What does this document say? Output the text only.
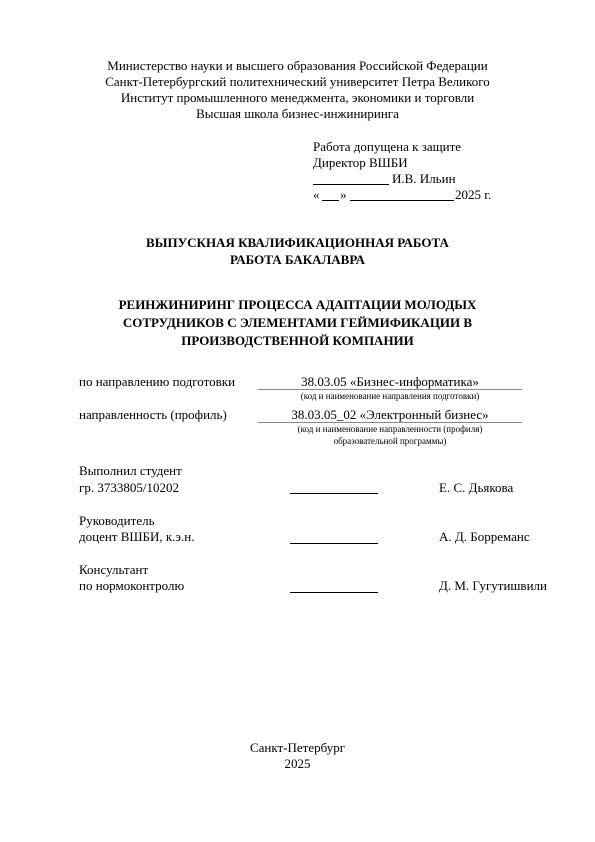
Министерство науки и высшего образования Российской Федерации
Санкт-Петербургский политехнический университет Петра Великого
Институт промышленного менеджмента, экономики и торговли
Высшая школа бизнес-инжиниринга
Работа допущена к защите
Директор ВШБИ
И.В. Ильин
« »	2025 г.
ВЫПУСКНАЯ КВАЛИФИКАЦИОННАЯ РАБОТА
РАБОТА БАКАЛАВРА
РЕИНЖИНИРИНГ ПРОЦЕССА АДАПТАЦИИ МОЛОДЫХ
СОТРУДНИКОВ С ЭЛЕМЕНТАМИ ГЕЙМИФИКАЦИИ В
ПРОИЗВОДСТВЕННОЙ КОМПАНИИ
по направлению подготовки	38.03.05 «Бизнес-информатика»
(код и наименование направления подготовки)
направленность (профиль)	38.03.05_02 «Электронный бизнес»
(код и наименование направленности (профиля)
образовательной программы)
Выполнил студент
гр. 3733805/10202	Е. С. Дьякова
Руководитель
доцент ВШБИ, к.э.н.	А. Д. Борреманс
Консультант
по нормоконтролю	Д. М. Гугутишвили
Санкт-Петербург
2025
